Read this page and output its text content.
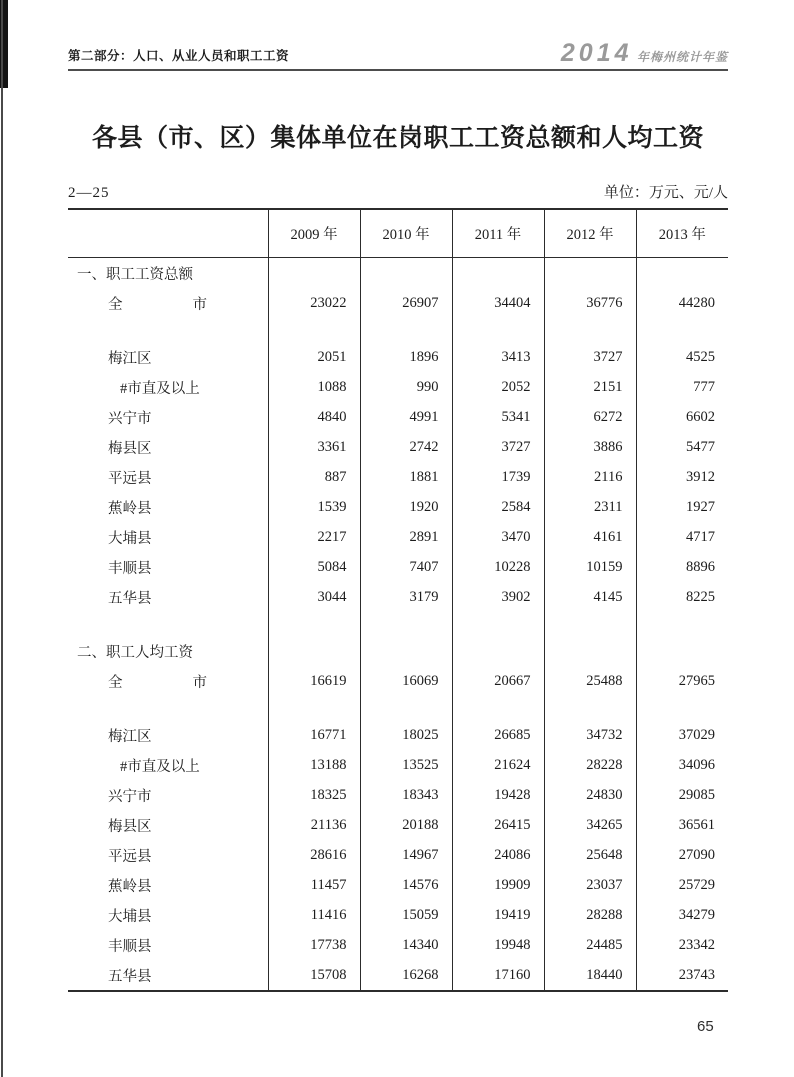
第二部分：人口、从业人员和职工工资	2014 年梅州统计年鉴
各县（市、区）集体单位在岗职工工资总额和人均工资
2—25	单位：万元、元/人
	2009 年	2010 年	2011 年	2012 年	2013 年
一、职工工资总额					

全 市	23022	26907	34404	36776	44280

梅江区	2051	1896	3413	3727	4525
#市直及以上	1088	990	2052	2151	777
兴宁市	4840	4991	5341	6272	6602
梅县区	3361	2742	3727	3886	5477
平远县	887	1881	1739	2116	3912
蕉岭县	1539	1920	2584	2311	1927
大埔县	2217	2891	3470	4161	4717
丰顺县	5084	7407	10228	10159	8896
五华县	3044	3179	3902	4145	8225

二、职工人均工资					

全 市	16619	16069	20667	25488	27965

梅江区	16771	18025	26685	34732	37029
#市直及以上	13188	13525	21624	28228	34096
兴宁市	18325	18343	19428	24830	29085
梅县区	21136	20188	26415	34265	36561
平远县	28616	14967	24086	25648	27090
蕉岭县	11457	14576	19909	23037	25729
大埔县	11416	15059	19419	28288	34279
丰顺县	17738	14340	19948	24485	23342
五华县	15708	16268	17160	18440	23743
65
